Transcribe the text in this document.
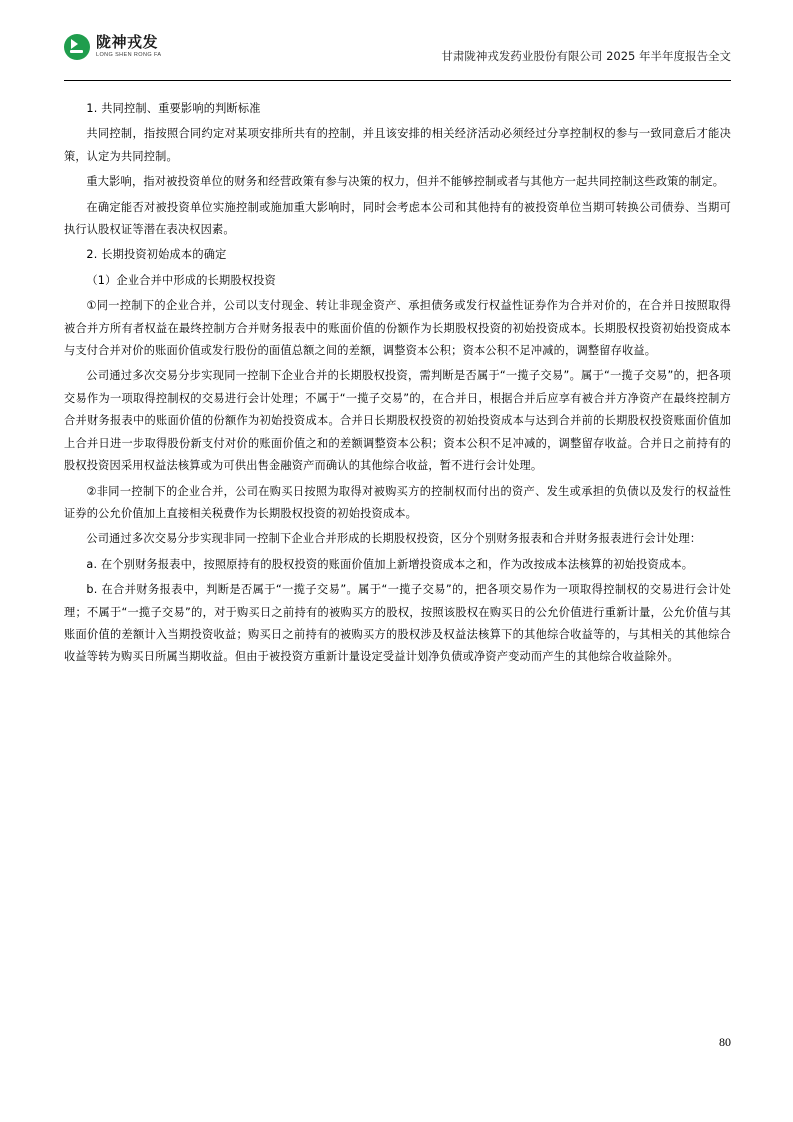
陇神戎发
LONG SHEN RONG FA	甘肃陇神戎发药业股份有限公司 2025 年半年度报告全文

1. 共同控制、重要影响的判断标准

共同控制，指按照合同约定对某项安排所共有的控制，并且该安排的相关经济活动必须经过分享控制权的参与一致同意后才能决策，认定为共同控制。

重大影响，指对被投资单位的财务和经营政策有参与决策的权力，但并不能够控制或者与其他方一起共同控制这些政策的制定。

在确定能否对被投资单位实施控制或施加重大影响时，同时会考虑本公司和其他持有的被投资单位当期可转换公司债券、当期可执行认股权证等潜在表决权因素。

2. 长期投资初始成本的确定

（1）企业合并中形成的长期股权投资

①同一控制下的企业合并，公司以支付现金、转让非现金资产、承担债务或发行权益性证券作为合并对价的，在合并日按照取得被合并方所有者权益在最终控制方合并财务报表中的账面价值的份额作为长期股权投资的初始投资成本。长期股权投资初始投资成本与支付合并对价的账面价值或发行股份的面值总额之间的差额，调整资本公积；资本公积不足冲减的，调整留存收益。

公司通过多次交易分步实现同一控制下企业合并的长期股权投资，需判断是否属于“一揽子交易”。属于“一揽子交易”的，把各项交易作为一项取得控制权的交易进行会计处理；不属于“一揽子交易”的，在合并日，根据合并后应享有被合并方净资产在最终控制方合并财务报表中的账面价值的份额作为初始投资成本。合并日长期股权投资的初始投资成本与达到合并前的长期股权投资账面价值加上合并日进一步取得股份新支付对价的账面价值之和的差额调整资本公积；资本公积不足冲减的，调整留存收益。合并日之前持有的股权投资因采用权益法核算或为可供出售金融资产而确认的其他综合收益，暂不进行会计处理。

②非同一控制下的企业合并，公司在购买日按照为取得对被购买方的控制权而付出的资产、发生或承担的负债以及发行的权益性证券的公允价值加上直接相关税费作为长期股权投资的初始投资成本。

公司通过多次交易分步实现非同一控制下企业合并形成的长期股权投资，区分个别财务报表和合并财务报表进行会计处理：

a. 在个别财务报表中，按照原持有的股权投资的账面价值加上新增投资成本之和，作为改按成本法核算的初始投资成本。

b. 在合并财务报表中，判断是否属于“一揽子交易”。属于“一揽子交易”的，把各项交易作为一项取得控制权的交易进行会计处理；不属于“一揽子交易”的，对于购买日之前持有的被购买方的股权，按照该股权在购买日的公允价值进行重新计量，公允价值与其账面价值的差额计入当期投资收益；购买日之前持有的被购买方的股权涉及权益法核算下的其他综合收益等的，与其相关的其他综合收益等转为购买日所属当期收益。但由于被投资方重新计量设定受益计划净负债或净资产变动而产生的其他综合收益除外。

80
